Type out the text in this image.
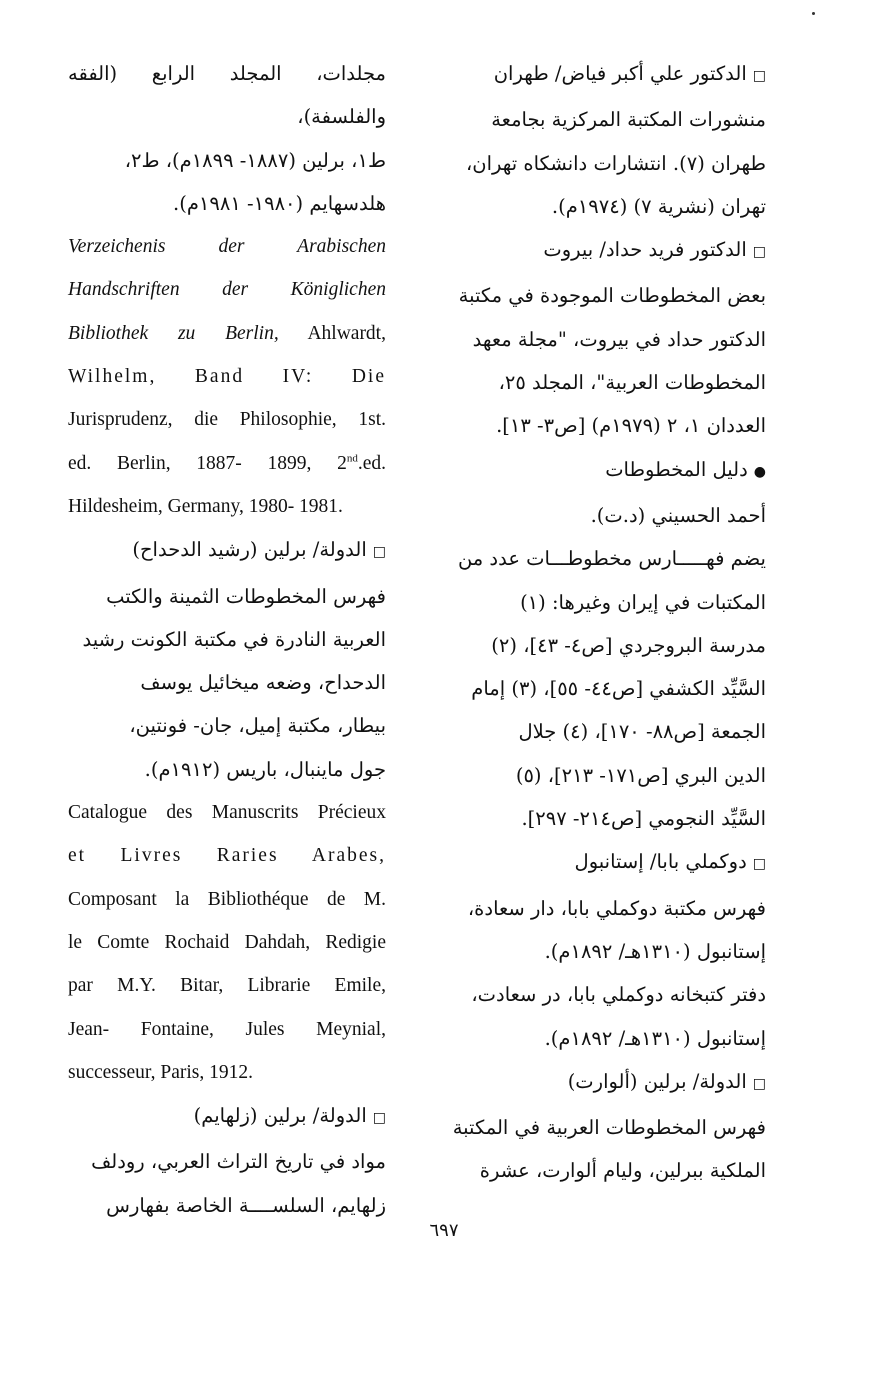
□الدكتور علي أكبر فياض/ طهران

منشورات المكتبة المركزية بجامعة
طهران (٧). انتشارات دانشكاه تهران،
تهران (نشرية ٧) (١٩٧٤م).

□الدكتور فريد حداد/ بيروت

بعض المخطوطات الموجودة في مكتبة
الدكتور حداد في بيروت، "مجلة معهد
المخطوطات العربية"، المجلد ٢٥،
العددان ١، ٢ (١٩٧٩م) [ص٣- ١٣].

●دليل المخطوطات

أحمد الحسيني (د.ت).

يضم فهـــــارس مخطوطـــات عدد من
المكتبات في إيران وغيرها: (١)
مدرسة البروجردي [ص٤- ٤٣]، (٢)
السَّيِّد الكشفي [ص٤٤- ٥٥]، (٣) إمام
الجمعة [ص٨٨- ١٧٠]، (٤) جلال
الدين البري [ص١٧١- ٢١٣]، (٥)
السَّيِّد النجومي [ص٢١٤- ٢٩٧].

□دوكملي بابا/ إستانبول

فهرس مكتبة دوكملي بابا، دار سعادة،
إستانبول (١٣١٠هـ/ ١٨٩٢م).

دفتر كتبخانه دوكملي بابا، در سعادت،
إستانبول (١٣١٠هـ/ ١٨٩٢م).

□الدولة/ برلين (ألوارت)

فهرس المخطوطات العربية في المكتبة
الملكية ببرلين، وليام ألوارت، عشرة

مجلدات، المجلد الرابع (الفقه والفلسفة)،
ط١، برلين (١٨٨٧- ١٨٩٩م)، ط٢،
هلدسهايم (١٩٨٠- ١٩٨١م).

Verzeichenis der Arabischen

Handschriften der Königlichen

Bibliothek zu Berlin, Ahlwardt,

Wilhelm, Band IV: Die

Jurisprudenz, die Philosophie, 1st.

ed. Berlin, 1887- 1899, 2nd.ed.

Hildesheim, Germany, 1980- 1981.

□الدولة/ برلين (رشيد الدحداح)

فهرس المخطوطات الثمينة والكتب
العربية النادرة في مكتبة الكونت رشيد
الدحداح، وضعه ميخائيل يوسف
بيطار، مكتبة إميل، جان- فونتين،
جول ماينبال، باريس (١٩١٢م).

Catalogue des Manuscrits Précieux

et Livres Raries Arabes,

Composant la Bibliothéque de M.

le Comte Rochaid Dahdah, Redigie

par M.Y. Bitar, Librarie Emile,

Jean- Fontaine, Jules Meynial,

successeur, Paris, 1912.

□الدولة/ برلين (زلهايم)

مواد في تاريخ التراث العربي، رودلف
زلهايم، السلســــة الخاصة بفهارس

٦٩٧
